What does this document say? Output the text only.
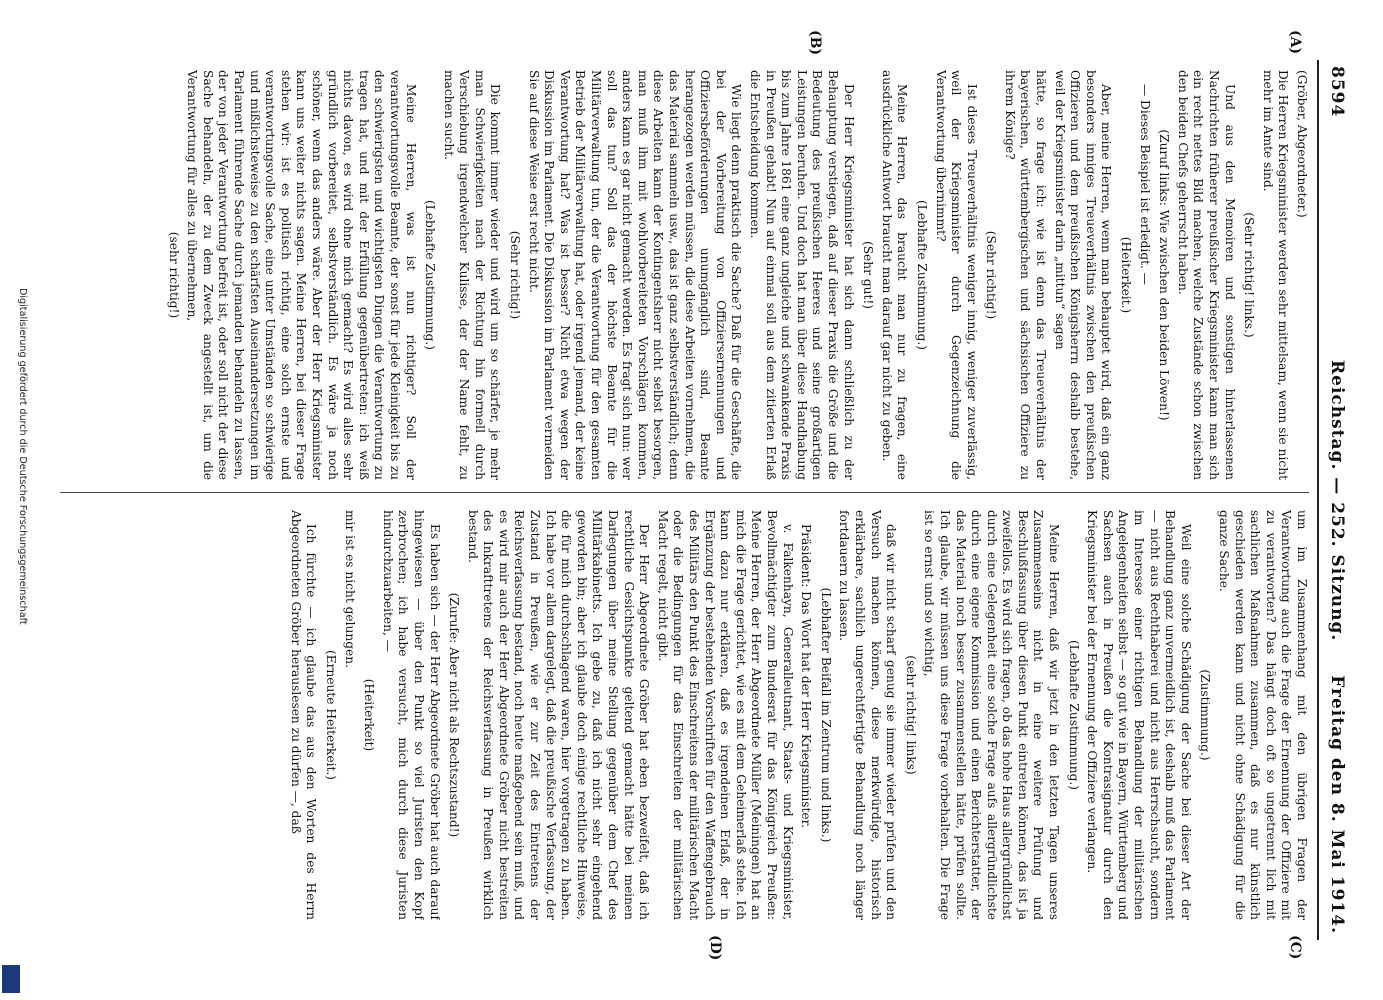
8594
Reichstag. — 252. Sitzung.
Freitag den 8. Mai 1914.
(A)
(B)
(C)
(D)

(Gröber, Abgeordneter.)

Die Herren Kriegsminister werden sehr mittelsam, wenn sie nicht mehr im Amte sind.

(Sehr richtig! links.)

Und aus den Memoiren und sonstigen hinterlassenen Nachrichten früherer preußischer Kriegsminister kann man sich ein recht nettes Bild machen, welche Zustände schon zwischen den beiden Chefs geherrscht haben.

(Zuruf links: Wie zwischen den beiden Löwen!)

— Dieses Beispiel ist erledigt. —

(Heiterkeit.)

Aber, meine Herren, wenn man behauptet wird, daß ein ganz besonders inniges Treueverhältnis zwischen den preußischen Offizieren und dem preußischen Königsherrn deshalb bestehe, weil der Kriegsminister darin „mittun“ sagen

hätte, so frage ich: wie ist denn das Treueverhältnis der bayerischen, württembergischen und sächsischen Offiziere zu ihrem Könige?

(Sehr richtig!)

Ist dieses Treueverhältnis weniger innig, weniger zuverlässig, weil der Kriegsminister durch Gegenzeichnung die Verantwortung übernimmt?

(Lebhafte Zustimmung.)

Meine Herren, das braucht man nur zu fragen, eine ausdrückliche Antwort braucht man darauf gar nicht zu geben.

(Sehr gut!)

Der Herr Kriegsminister hat sich dann schließlich zu der Behauptung verstiegen, daß auf dieser Praxis die Größe und die Bedeutung des preußischen Heeres und seine großartigen Leistungen beruhen. Und doch hat man über diese Handhabung bis zum Jahre 1861 eine ganz ungleiche und schwankende Praxis in Preußen gehabt! Nun auf einmal soll aus dem zitierten Erlaß die Entscheidung kommen.

Wie liegt denn praktisch die Sache? Daß für die Geschäfte, die bei der Vorbereitung von Offiziersernennungen und Offiziersbeförderungen unumgänglich sind, Beamte herangezogen werden müssen, die diese Arbeiten vornehmen, die das Material sammeln usw., das ist ganz selbstverständlich; denn diese Arbeiten kann der Kontingentsherr nicht selbst besorgen, man muß ihm mit wohlvorbereiteten Vorschlägen kommen, anders kann es gar nicht gemacht werden. Es fragt sich nun: wer soll das tun? Soll das der höchste Beamte für die Militärverwaltung tun, der die Verantwortung für den gesamten Betrieb der Militärverwaltung hat, oder irgend jemand, der keine Verantwortung hat? Was ist besser? Nicht etwa wegen der Diskussion im Parlament. Die Diskussion im Parlament vermeiden Sie auf diese Weise erst recht nicht.

(Sehr richtig!)

Die kommt immer wieder und wird um so schärfer, je mehr man Schwierigkeiten nach der Richtung hin formell durch Verschiebung irgendwelcher Kulisse, der der Name fehlt, zu machen sucht.

(Lebhafte Zustimmung.)

Meine Herren, was ist nun richtiger? Soll der verantwortungsvolle Beamte, der sonst für jede Kleinigkeit bis zu den schwierigsten und wichtigsten Dingen die Verantwortung zu tragen hat, und mit der Erfüllung gegenübertreten: ich weiß nichts davon, es wird ohne mich gemacht? Es wird alles sehr gründlich vorbereitet, selbstverständlich. Es wäre ja noch schöner, wenn das anders wäre. Aber der Herr Kriegsminister kann uns weiter nichts sagen. Meine Herren, bei dieser Frage stehen wir: ist es politisch richtig, eine solch ernste und verantwortungsvolle Sache, eine unter Umständen so schwierige und mißlichsteweise zu den schärfsten Auseinandersetzungen im Parlament führende Sache durch jemanden behandeln zu lassen, der von jeder Verantwortung befreit ist, oder soll nicht der diese Sache behandeln, der zu dem Zweck angestellt ist, um die Verantwortung für alles zu übernehmen,

(sehr richtig!)

um im Zusammenhang mit den übrigen Fragen der Verantwortung auch die Frage der Ernennung der Offiziere mit zu verantworten? Das hängt doch oft so ungetrennt lich mit sachlichen Maßnahmen zusammen, daß es nur künstlich geschieden werden kann und nicht ohne Schädigung für die ganze Sache.

(Zustimmung.)

Weil eine solche Schädigung der Sache bei dieser Art der Behandlung ganz unvermeidlich ist, deshalb muß das Parlament — nicht aus Rechthaberei und nicht aus Herrschsucht, sondern im Interesse einer richtigen Behandlung der militärischen Angelegenheiten selbst — so gut wie in Bayern, Württemberg und Sachsen auch in Preußen die Kontrasignatur durch den Kriegsminister bei der Ernennung der Offiziere verlangen.

(Lebhafte Zustimmung.)

Meine Herren, daß wir jetzt in den letzten Tagen unseres Zusammenseins nicht in eine weitere Prüfung und Beschlußfassung über diesen Punkt eintreten können, das ist ja zweifellos. Es wird sich fragen, ob das hohe Haus allergründlichst durch eine Gelegenheit eine solche Frage aufs allergründlichste durch eine eigene Kommission und einen Berichterstatter, der das Material noch besser zusammenstellen hätte, prüfen sollte. Ich glaube, wir müssen uns diese Frage vorbehalten. Die Frage ist so ernst und so wichtig,

(sehr richtig! links)

daß wir nicht scharf genug sie immer wieder prüfen und den Versuch machen können, diese merkwürdige, historisch erklärbare, sachlich ungerechtfertigte Behandlung noch länger fortdauern zu lassen.

(Lebhafter Beifall im Zentrum und links.)

Präsident: Das Wort hat der Herr Kriegsminister.

v. Falkenhayn, Generalleutnant, Staats- und Kriegsminister, Bevollmächtigter zum Bundesrat für das Königreich Preußen: Meine Herren, der Herr Abgeordnete Müller (Meiningen) hat an mich die Frage gerichtet, wie es mit dem Geheimerlaß stehe. Ich kann dazu nur erklären, daß es irgendeinen Erlaß, der in Ergänzung der bestehenden Vorschriften für den Waffengebrauch des Militärs den Punkt des Einschreitens der militärischen Macht oder die Bedingungen für das Einschreiten der militärischen Macht regelt, nicht gibt.

Der Herr Abgeordnete Gröber hat eben bezweifelt, daß ich rechtliche Gesichtspunkte geltend gemacht hätte bei meinen Darlegungen über meine Stellung gegenüber dem Chef des Militärkabinetts. Ich gebe zu, daß ich nicht sehr eingehend geworden bin; aber ich glaube doch einige rechtliche Hinweise, die für mich durchschlagend waren, hier vorgetragen zu haben. Ich habe vor allem dargelegt, daß die preußische Verfassung, der Zustand in Preußen, wie er zur Zeit des Eintretens der Reichsverfassung bestand, noch heute maßgebend sein muß, und es wird mir auch der Herr Abgeordnete Gröber nicht bestreiten des Inkrafttretens der Reichsverfassung in Preußen wirklich bestand.

(Zurufe: Aber nicht als Rechtszustand!)

Es haben sich — der Herr Abgeordnete Gröber hat auch darauf hingewiesen — über den Punkt so viel Juristen den Kopf zerbrochen; ich habe versucht, mich durch diese Juristen hindurchzuarbeiten, —

(Heiterkeit)

mir ist es nicht gelungen.

(Erneute Heiterkeit.)

Ich fürchte — ich glaube das aus den Worten des Herrn Abgeordneten Gröber herauslesen zu dürfen —, daß

Digitalisierung gefördert durch die Deutsche Forschungsgemeinschaft
